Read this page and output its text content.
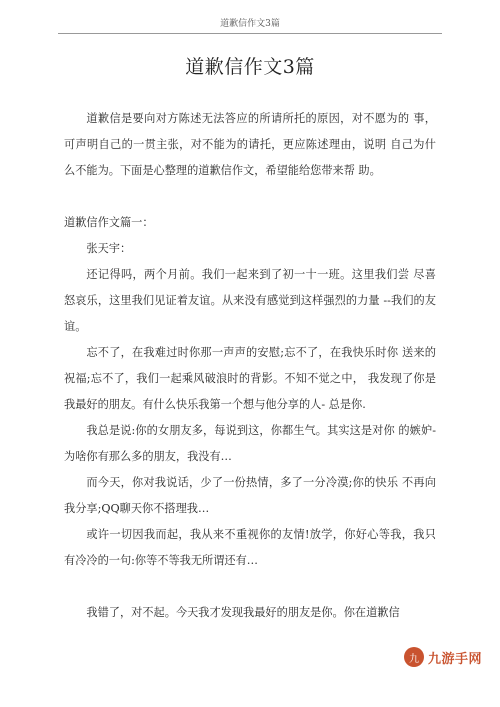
道歉信作文3篇
道歉信作文3篇

道歉信是要向对方陈述无法答应的所请所托的原因，对不愿为的 事，可声明自己的一贯主张，对不能为的请托，更应陈述理由，说明 自己为什么不能为。下面是心整理的道歉信作文，希望能给您带来帮 助。

道歉信作文篇一：

张天宇：

还记得吗，两个月前。我们一起来到了初一十一班。这里我们尝 尽喜怒哀乐，这里我们见证着友谊。从来没有感觉到这样强烈的力量 --我们的友谊。

忘不了，在我难过时你那一声声的安慰;忘不了，在我快乐时你 送来的祝福;忘不了，我们一起乘风破浪时的背影。不知不觉之中， 我发现了你是我最好的朋友。有什么快乐我第一个想与他分享的人- 总是你.

我总是说:你的女朋友多，每说到这，你都生气。其实这是对你 的嫉妒-为啥你有那么多的朋友，我没有…

而今天，你对我说话，少了一份热情，多了一分冷漠;你的快乐 不再向我分享;QQ聊天你不搭理我…

或许一切因我而起，我从来不重视你的友情!放学，你好心等我，我只有冷冷的一句:你等不等我无所谓还有…

我错了，对不起。今天我才发现我最好的朋友是你。你在道歉信

九 九游手网
